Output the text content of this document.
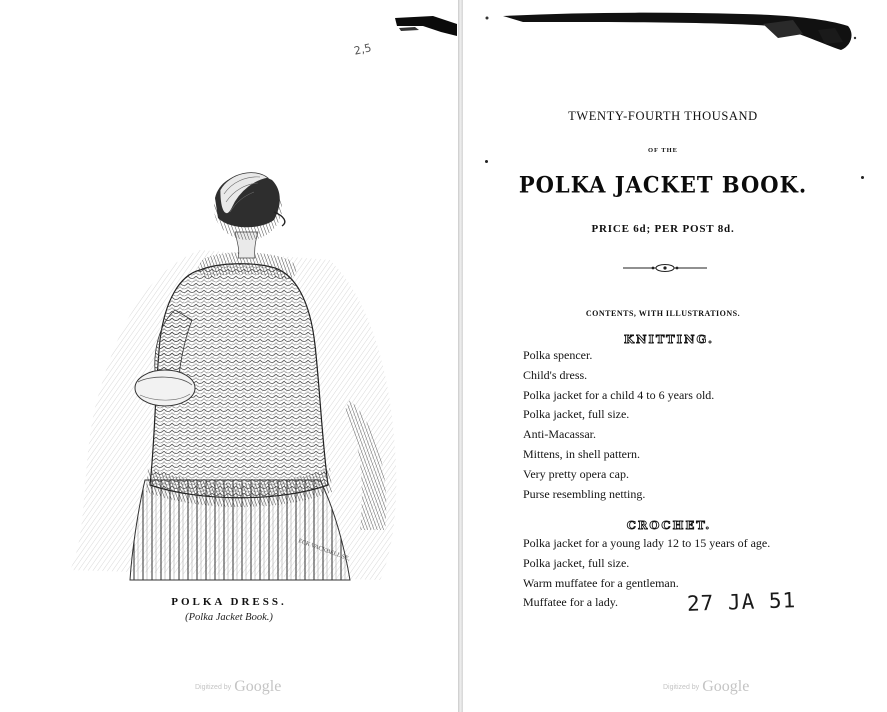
2,5
ECK VACKBELL SE.
POLKA DRESS.
(Polka Jacket Book.)
Digitized by Google
TWENTY-FOURTH THOUSAND
OF THE
POLKA JACKET BOOK.
PRICE 6d; PER POST 8d.
CONTENTS, WITH ILLUSTRATIONS.
KNITTING.
Polka spencer.
Child's dress.
Polka jacket for a child 4 to 6 years old.
Polka jacket, full size.
Anti-Macassar.
Mittens, in shell pattern.
Very pretty opera cap.
Purse resembling netting.
CROCHET.
Polka jacket for a young lady 12 to 15 years of age.
Polka jacket, full size.
Warm muffatee for a gentleman.
Muffatee for a lady.	27 JA 51
Digitized by Google
